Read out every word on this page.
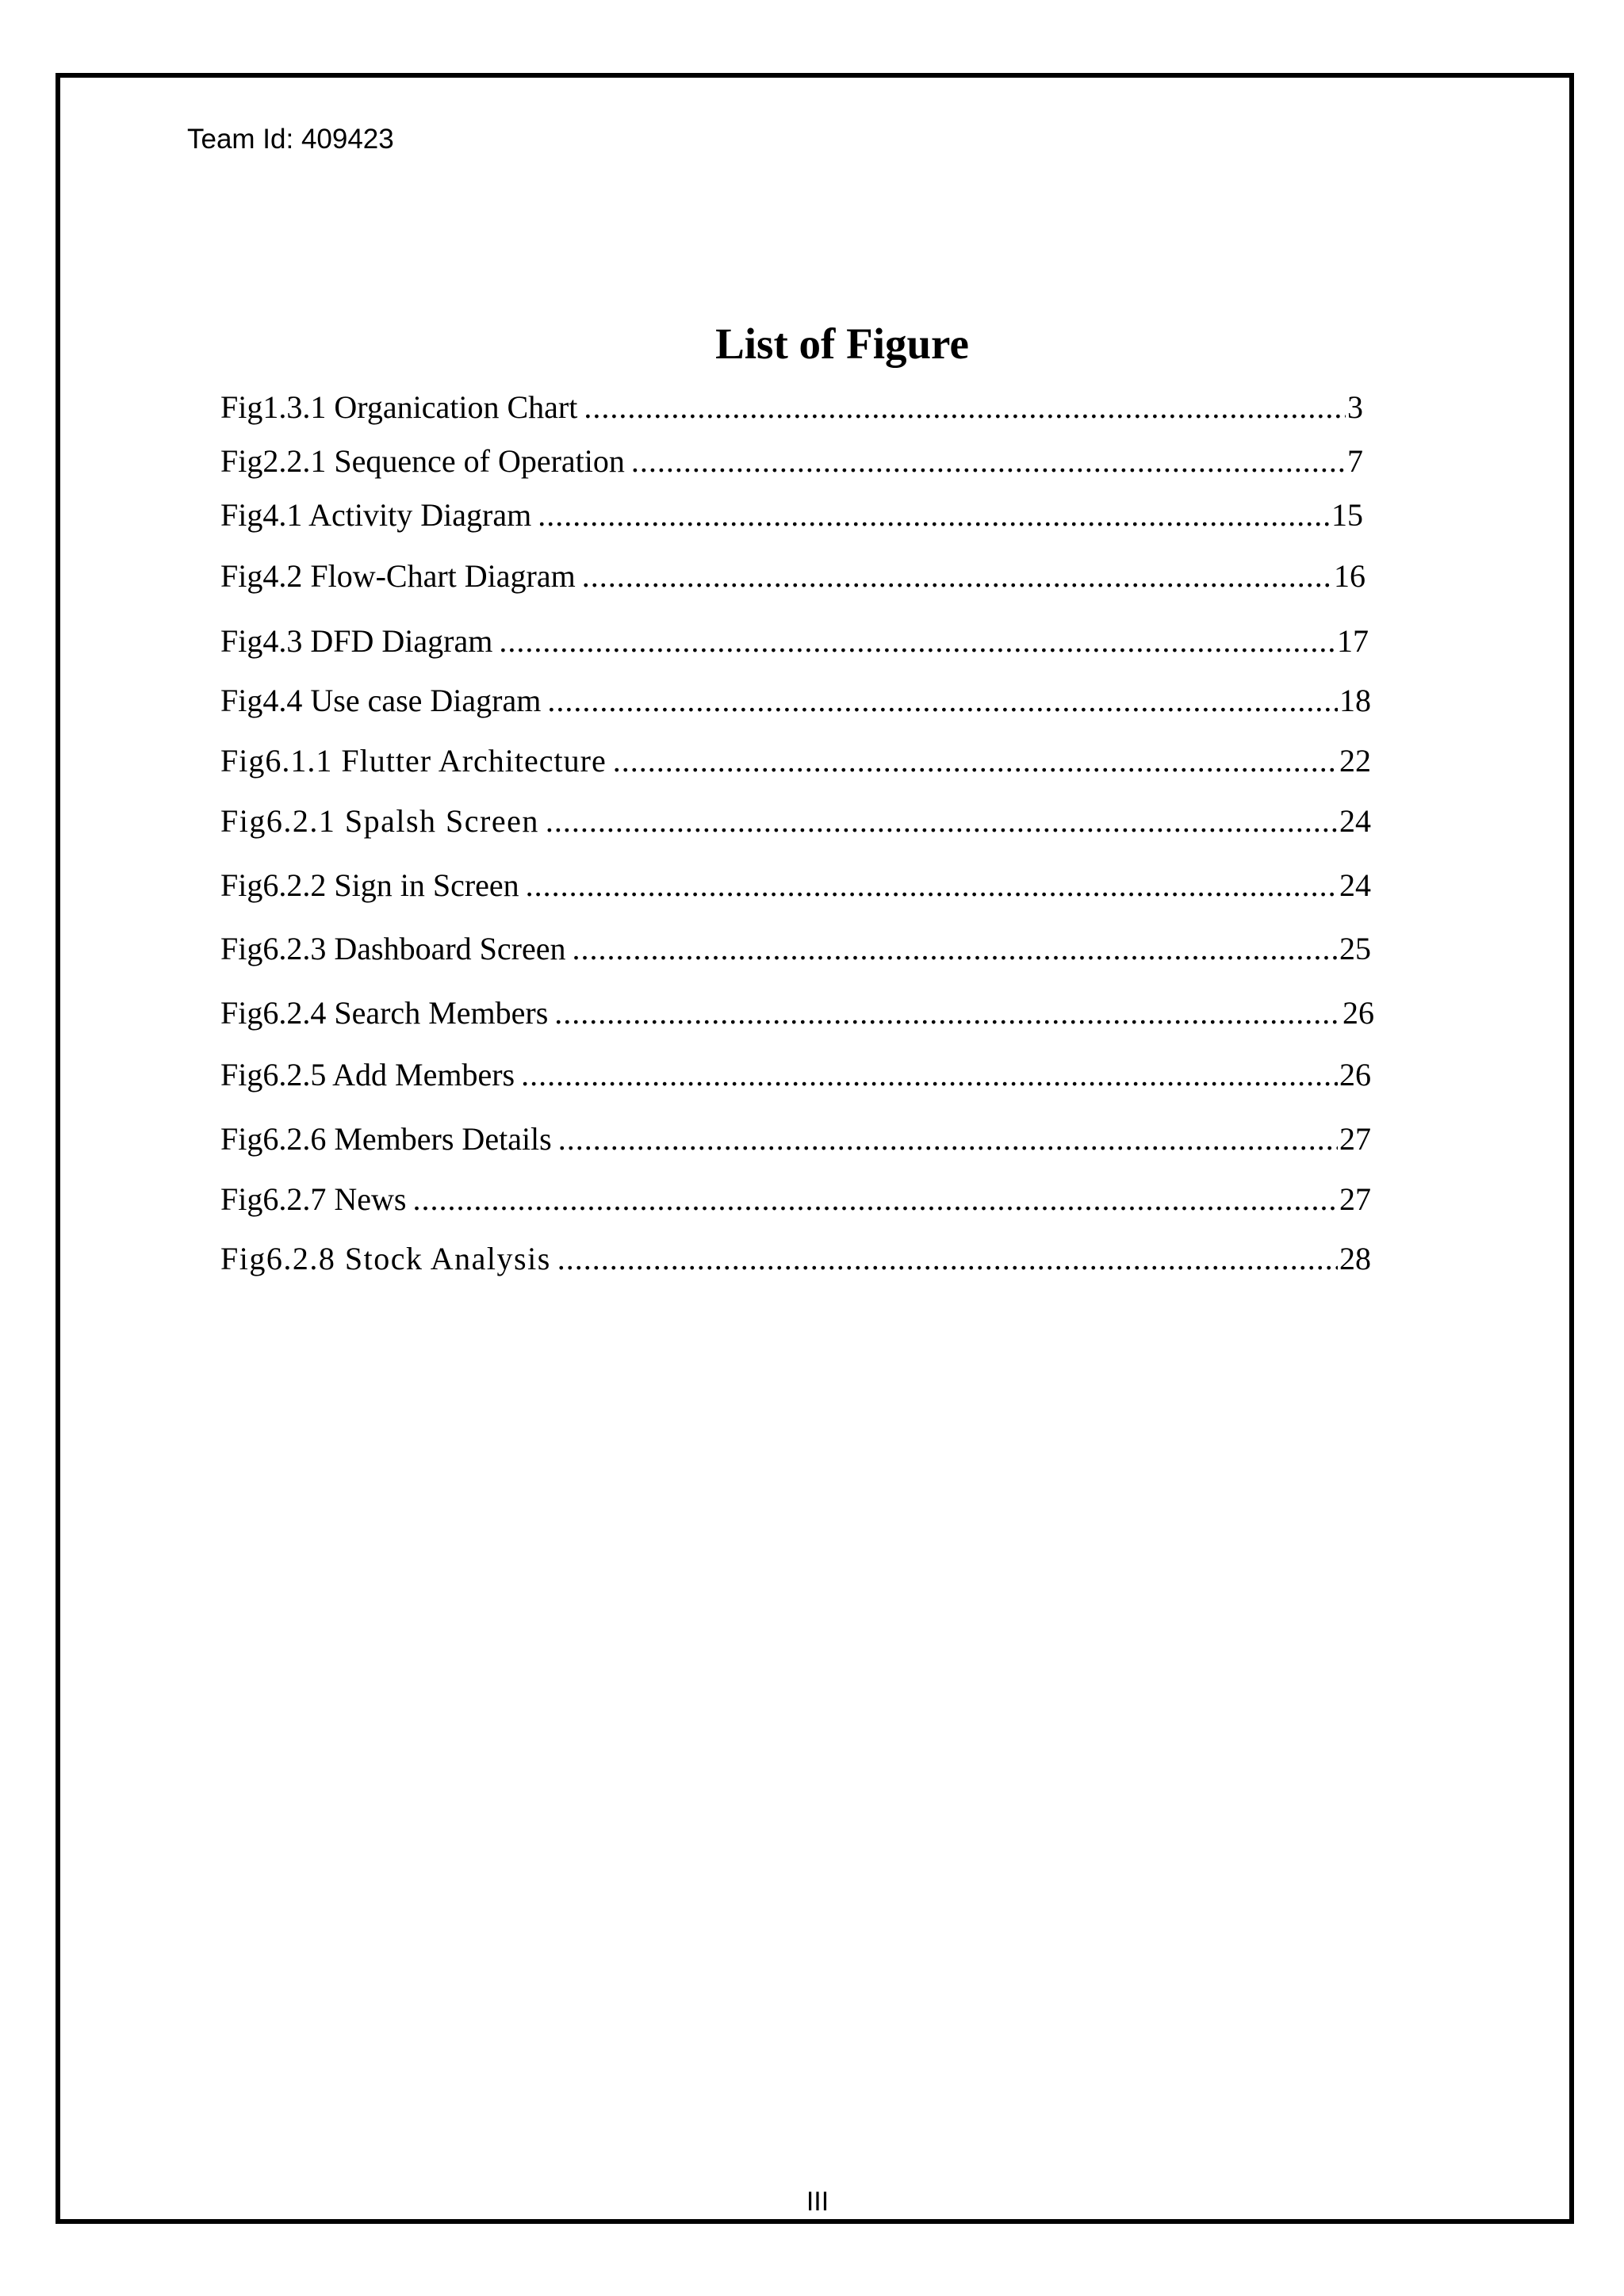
Team Id: 409423
List of Figure
Fig1.3.1 Organication Chart .....	3
Fig2.2.1 Sequence of Operation .....	7
Fig4.1 Activity Diagram .....	15
Fig4.2 Flow-Chart Diagram .....	16
Fig4.3 DFD Diagram .....	17
Fig4.4 Use case Diagram .....	18
Fig6.1.1 Flutter Architecture .....	22
Fig6.2.1 Spalsh Screen .....	24
Fig6.2.2 Sign in Screen .....	24
Fig6.2.3 Dashboard Screen .....	25
Fig6.2.4 Search Members .....	26
Fig6.2.5 Add Members .....	26
Fig6.2.6 Members Details .....	27
Fig6.2.7 News .....	27
Fig6.2.8 Stock Analysis .....	28
III
